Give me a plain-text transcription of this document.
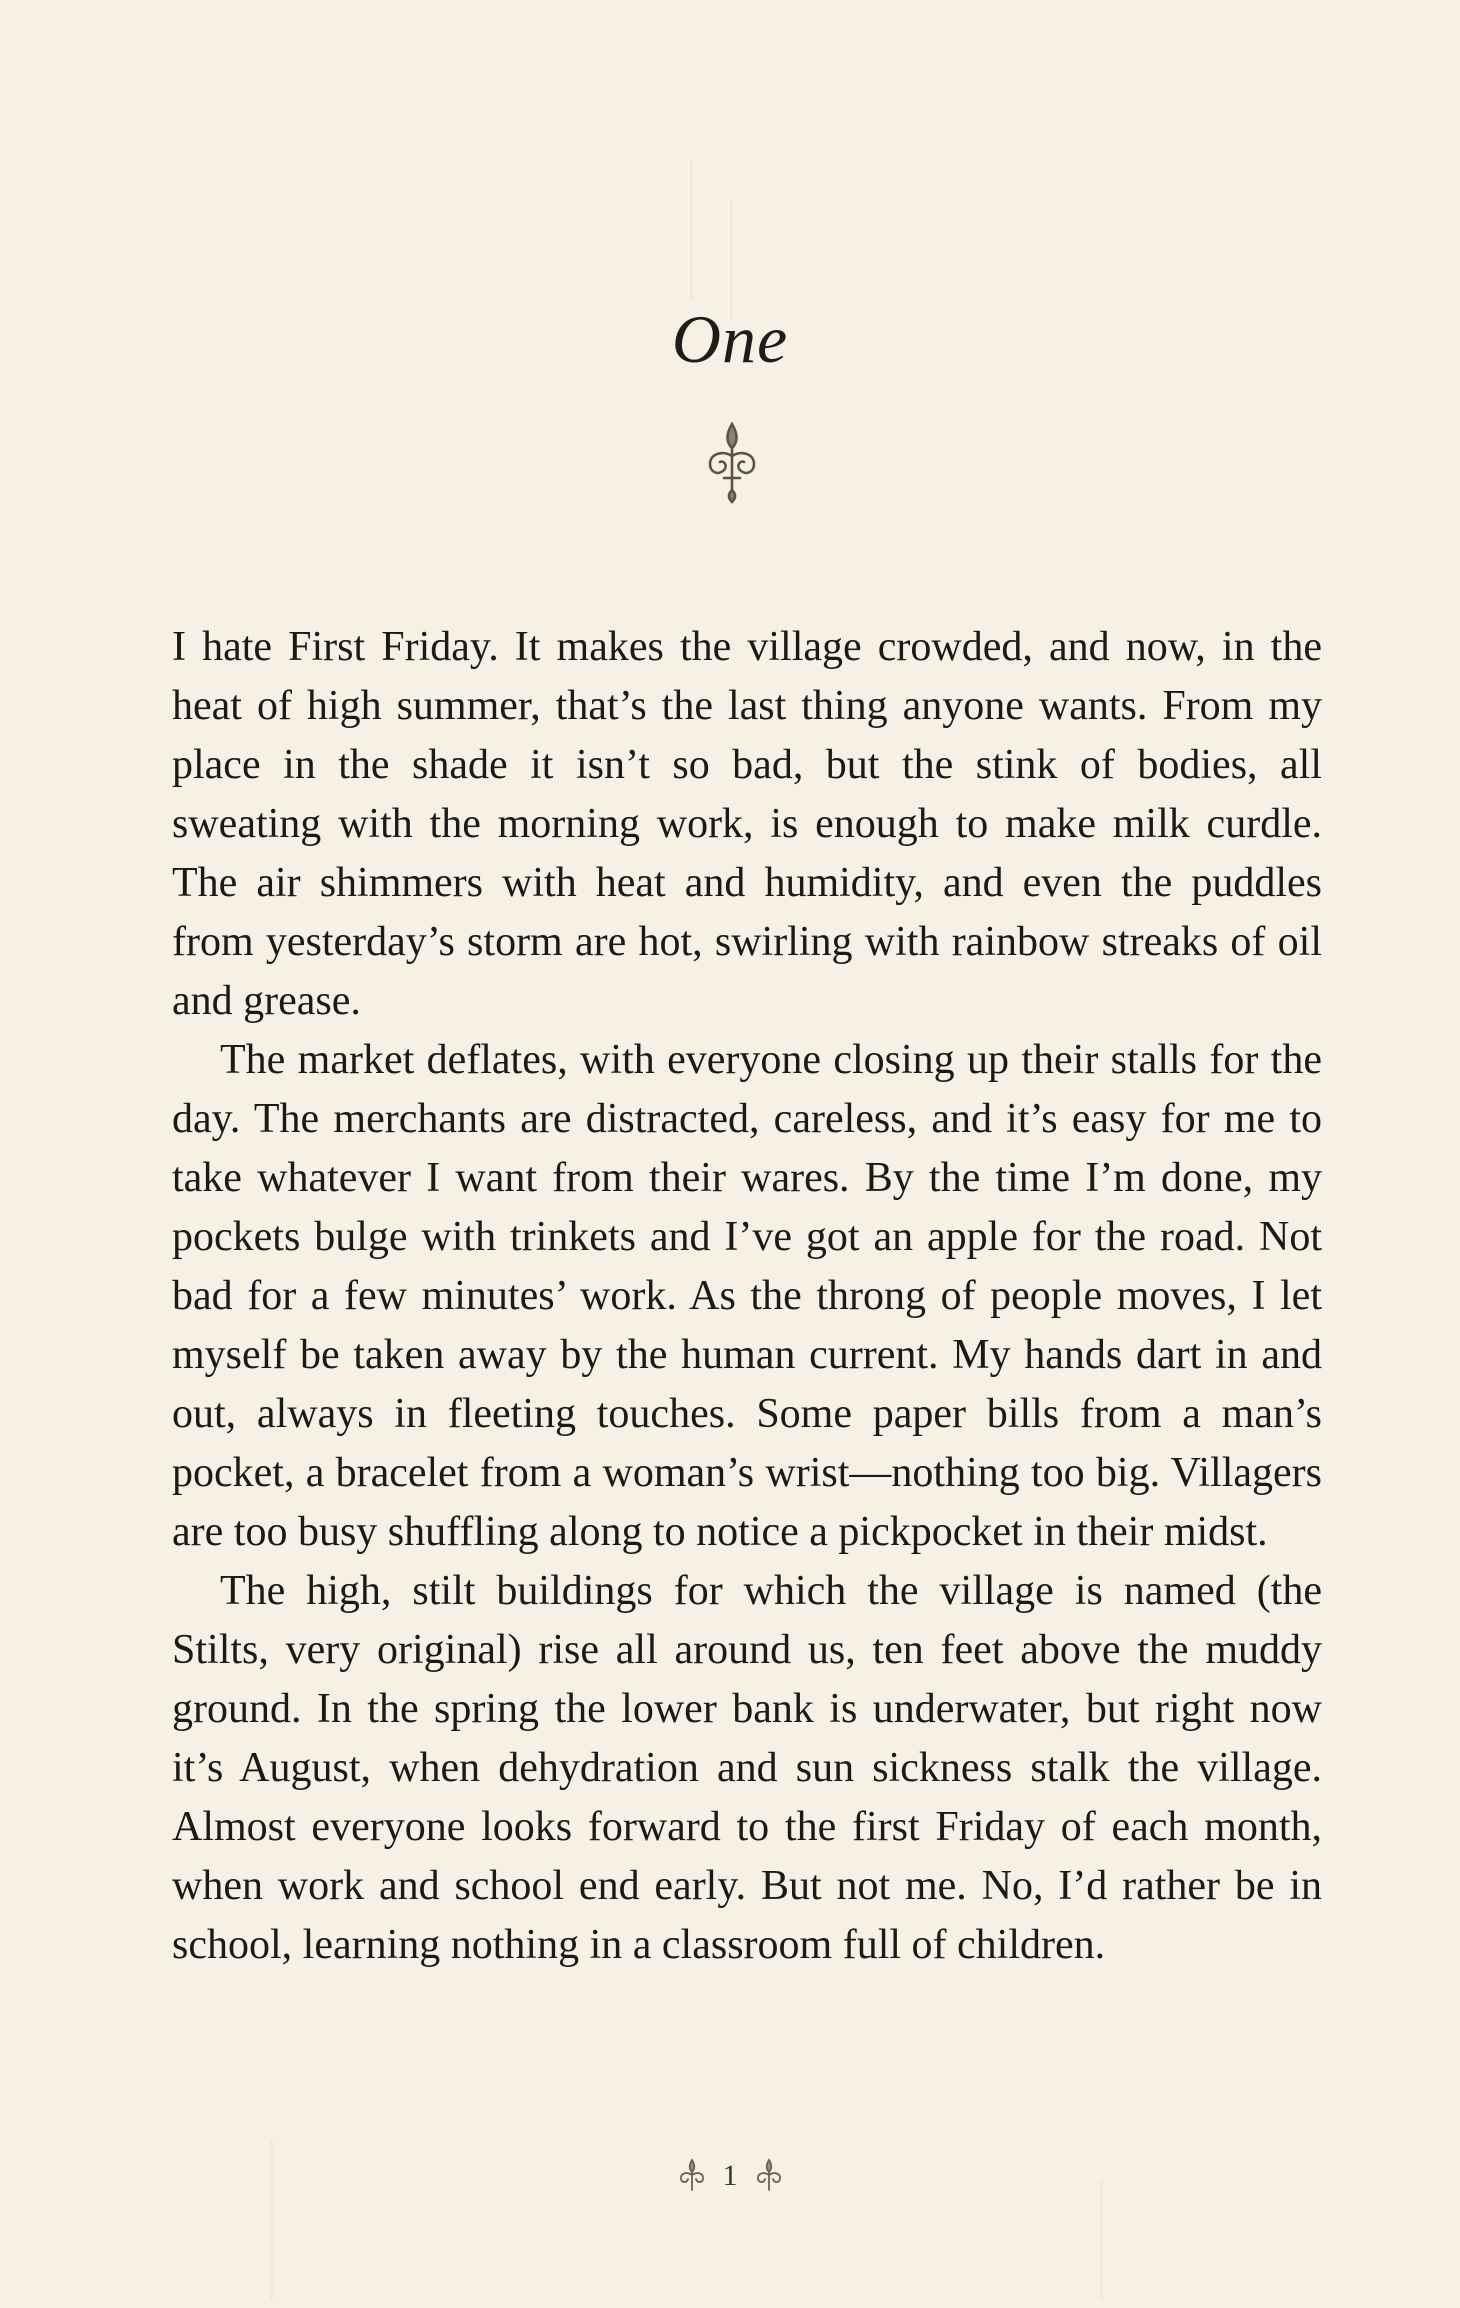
One

I hate First Friday. It makes the village crowded, and now, in the heat of high summer, that’s the last thing anyone wants. From my place in the shade it isn’t so bad, but the stink of bodies, all sweating with the morning work, is enough to make milk curdle. The air shimmers with heat and humidity, and even the puddles from yesterday’s storm are hot, swirling with rainbow streaks of oil and grease.

The market deflates, with everyone closing up their stalls for the day. The merchants are distracted, careless, and it’s easy for me to take whatever I want from their wares. By the time I’m done, my pockets bulge with trinkets and I’ve got an apple for the road. Not bad for a few minutes’ work. As the throng of people moves, I let myself be taken away by the human current. My hands dart in and out, always in fleeting touches. Some paper bills from a man’s pocket, a bracelet from a woman’s wrist—nothing too big. Villagers are too busy shuffling along to notice a pickpocket in their midst.

The high, stilt buildings for which the village is named (the Stilts, very original) rise all around us, ten feet above the muddy ground. In the spring the lower bank is underwater, but right now it’s August, when dehydration and sun sickness stalk the village. Almost everyone looks forward to the first Friday of each month, when work and school end early. But not me. No, I’d rather be in school, learning nothing in a classroom full of children.

1
